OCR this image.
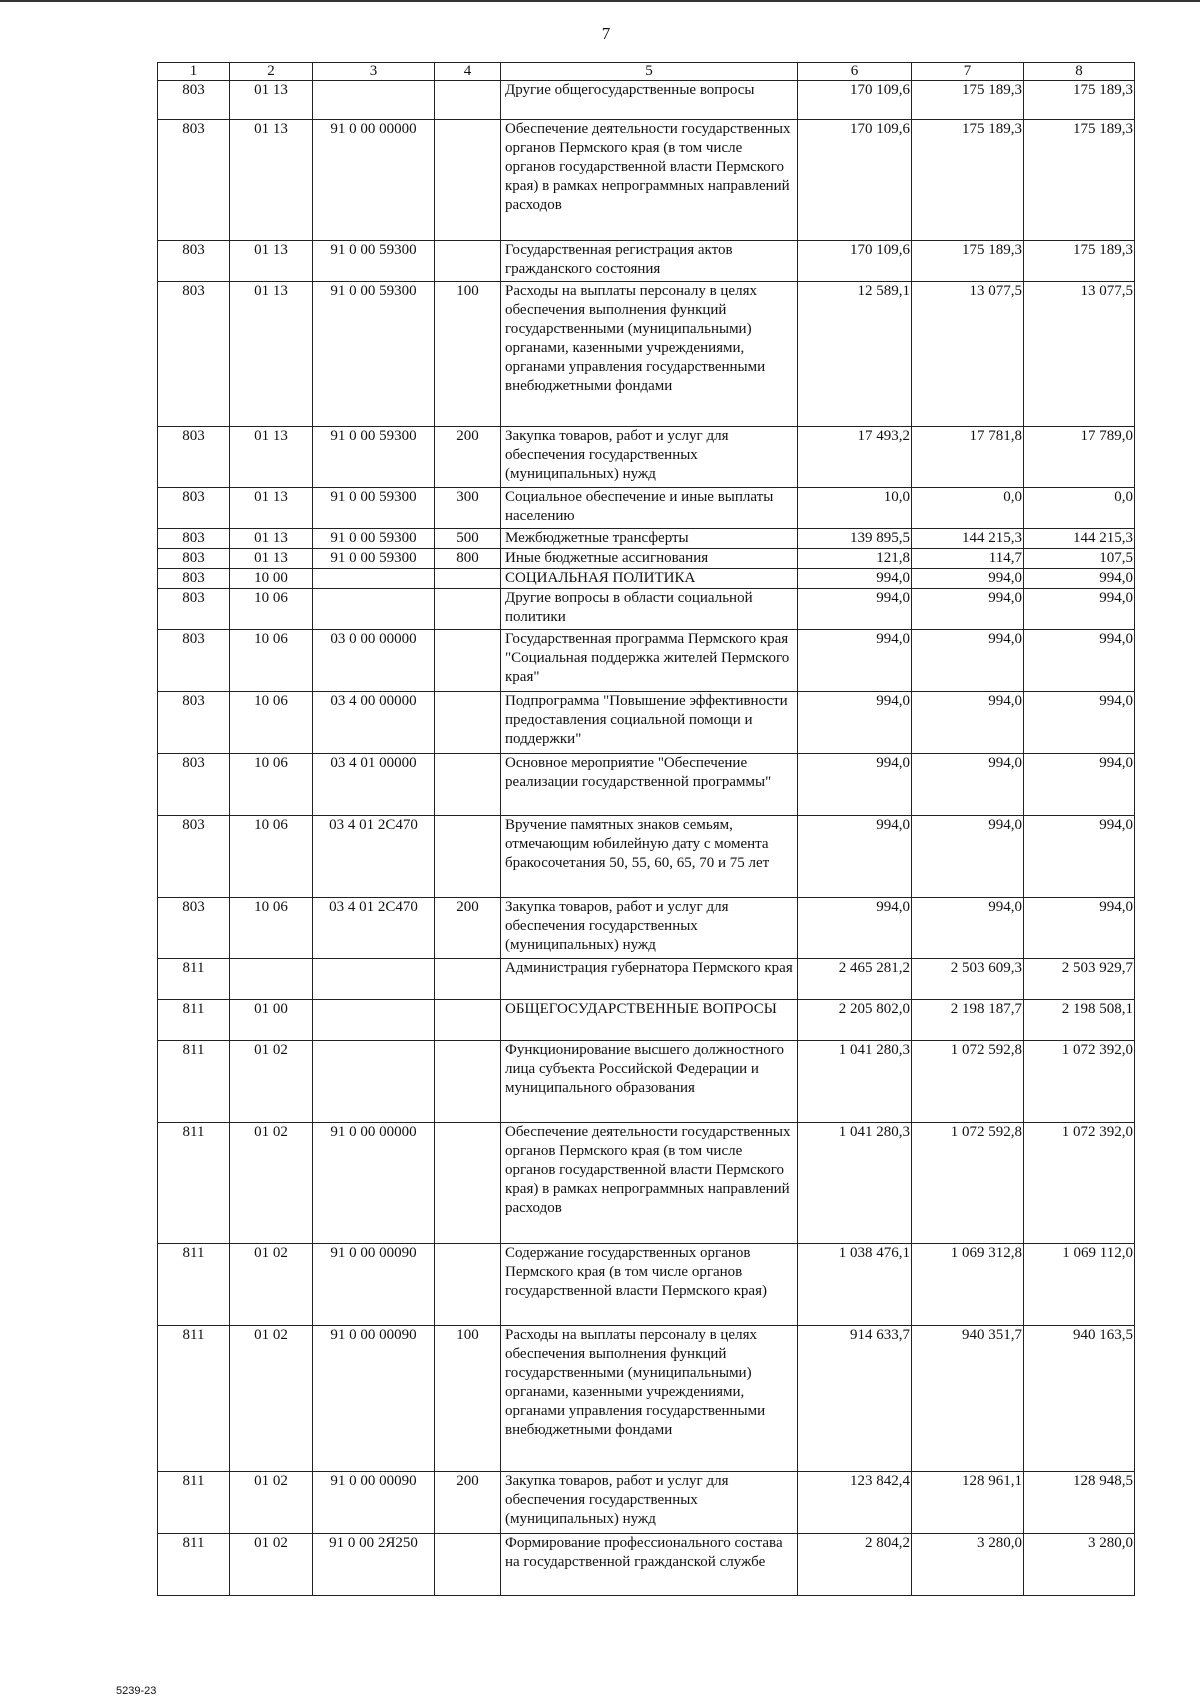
7
1	2	3	4	5	6	7	8
803	01 13			Другие общегосударственные вопросы	170 109,6	175 189,3	175 189,3
803	01 13	91 0 00 00000		Обеспечение деятельности государственных органов Пермского края (в том числе органов государственной власти Пермского края) в рамках непрограммных направлений расходов	170 109,6	175 189,3	175 189,3
803	01 13	91 0 00 59300		Государственная регистрация актов гражданского состояния	170 109,6	175 189,3	175 189,3
803	01 13	91 0 00 59300	100	Расходы на выплаты персоналу в целях обеспечения выполнения функций государственными (муниципальными) органами, казенными учреждениями, органами управления государственными внебюджетными фондами	12 589,1	13 077,5	13 077,5
803	01 13	91 0 00 59300	200	Закупка товаров, работ и услуг для обеспечения государственных (муниципальных) нужд	17 493,2	17 781,8	17 789,0
803	01 13	91 0 00 59300	300	Социальное обеспечение и иные выплаты населению	10,0	0,0	0,0
803	01 13	91 0 00 59300	500	Межбюджетные трансферты	139 895,5	144 215,3	144 215,3
803	01 13	91 0 00 59300	800	Иные бюджетные ассигнования	121,8	114,7	107,5
803	10 00			СОЦИАЛЬНАЯ ПОЛИТИКА	994,0	994,0	994,0
803	10 06			Другие вопросы в области социальной политики	994,0	994,0	994,0
803	10 06	03 0 00 00000		Государственная программа Пермского края "Социальная поддержка жителей Пермского края"	994,0	994,0	994,0
803	10 06	03 4 00 00000		Подпрограмма "Повышение эффективности предоставления социальной помощи и поддержки"	994,0	994,0	994,0
803	10 06	03 4 01 00000		Основное мероприятие "Обеспечение реализации государственной программы"	994,0	994,0	994,0
803	10 06	03 4 01 2C470		Вручение памятных знаков семьям, отмечающим юбилейную дату с момента бракосочетания 50, 55, 60, 65, 70 и 75 лет	994,0	994,0	994,0
803	10 06	03 4 01 2C470	200	Закупка товаров, работ и услуг для обеспечения государственных (муниципальных) нужд	994,0	994,0	994,0
811				Администрация губернатора Пермского края	2 465 281,2	2 503 609,3	2 503 929,7
811	01 00			ОБЩЕГОСУДАРСТВЕННЫЕ ВОПРОСЫ	2 205 802,0	2 198 187,7	2 198 508,1
811	01 02			Функционирование высшего должностного лица субъекта Российской Федерации и муниципального образования	1 041 280,3	1 072 592,8	1 072 392,0
811	01 02	91 0 00 00000		Обеспечение деятельности государственных органов Пермского края (в том числе органов государственной власти Пермского края) в рамках непрограммных направлений расходов	1 041 280,3	1 072 592,8	1 072 392,0
811	01 02	91 0 00 00090		Содержание государственных органов Пермского края (в том числе органов государственной власти Пермского края)	1 038 476,1	1 069 312,8	1 069 112,0
811	01 02	91 0 00 00090	100	Расходы на выплаты персоналу в целях обеспечения выполнения функций государственными (муниципальными) органами, казенными учреждениями, органами управления государственными внебюджетными фондами	914 633,7	940 351,7	940 163,5
811	01 02	91 0 00 00090	200	Закупка товаров, работ и услуг для обеспечения государственных (муниципальных) нужд	123 842,4	128 961,1	128 948,5
811	01 02	91 0 00 2Я250		Формирование профессионального состава на государственной гражданской службе	2 804,2	3 280,0	3 280,0
5239-23
